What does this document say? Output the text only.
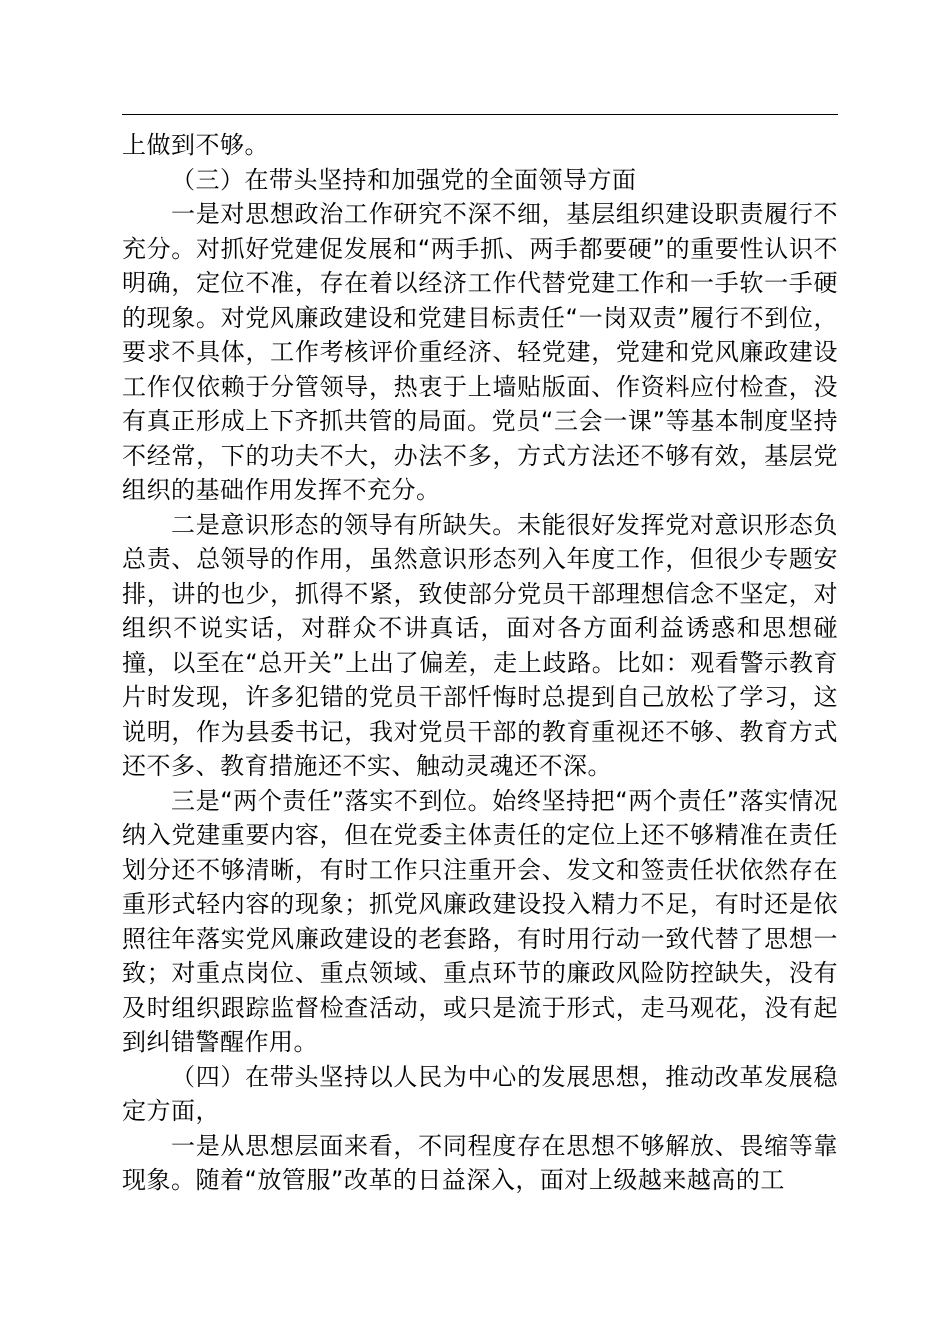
上做到不够。

（三）在带头坚持和加强党的全面领导方面

一是对思想政治工作研究不深不细，基层组织建设职责履行不充分。对抓好党建促发展和“两手抓、两手都要硬”的重要性认识不明确，定位不准，存在着以经济工作代替党建工作和一手软一手硬的现象。对党风廉政建设和党建目标责任“一岗双责”履行不到位，要求不具体，工作考核评价重经济、轻党建，党建和党风廉政建设工作仅依赖于分管领导，热衷于上墙贴版面、作资料应付检查，没有真正形成上下齐抓共管的局面。党员“三会一课”等基本制度坚持不经常，下的功夫不大，办法不多，方式方法还不够有效，基层党组织的基础作用发挥不充分。

二是意识形态的领导有所缺失。未能很好发挥党对意识形态负总责、总领导的作用，虽然意识形态列入年度工作，但很少专题安排，讲的也少，抓得不紧，致使部分党员干部理想信念不坚定，对组织不说实话，对群众不讲真话，面对各方面利益诱惑和思想碰撞，以至在“总开关”上出了偏差，走上歧路。比如：观看警示教育片时发现，许多犯错的党员干部忏悔时总提到自己放松了学习，这说明，作为县委书记，我对党员干部的教育重视还不够、教育方式还不多、教育措施还不实、触动灵魂还不深。

三是“两个责任”落实不到位。始终坚持把“两个责任”落实情况纳入党建重要内容，但在党委主体责任的定位上还不够精准在责任划分还不够清晰，有时工作只注重开会、发文和签责任状依然存在重形式轻内容的现象；抓党风廉政建设投入精力不足，有时还是依照往年落实党风廉政建设的老套路，有时用行动一致代替了思想一致；对重点岗位、重点领域、重点环节的廉政风险防控缺失，没有及时组织跟踪监督检查活动，或只是流于形式，走马观花，没有起到纠错警醒作用。

（四）在带头坚持以人民为中心的发展思想，推动改革发展稳定方面，

一是从思想层面来看，不同程度存在思想不够解放、畏缩等靠现象。随着“放管服”改革的日益深入，面对上级越来越高的工
